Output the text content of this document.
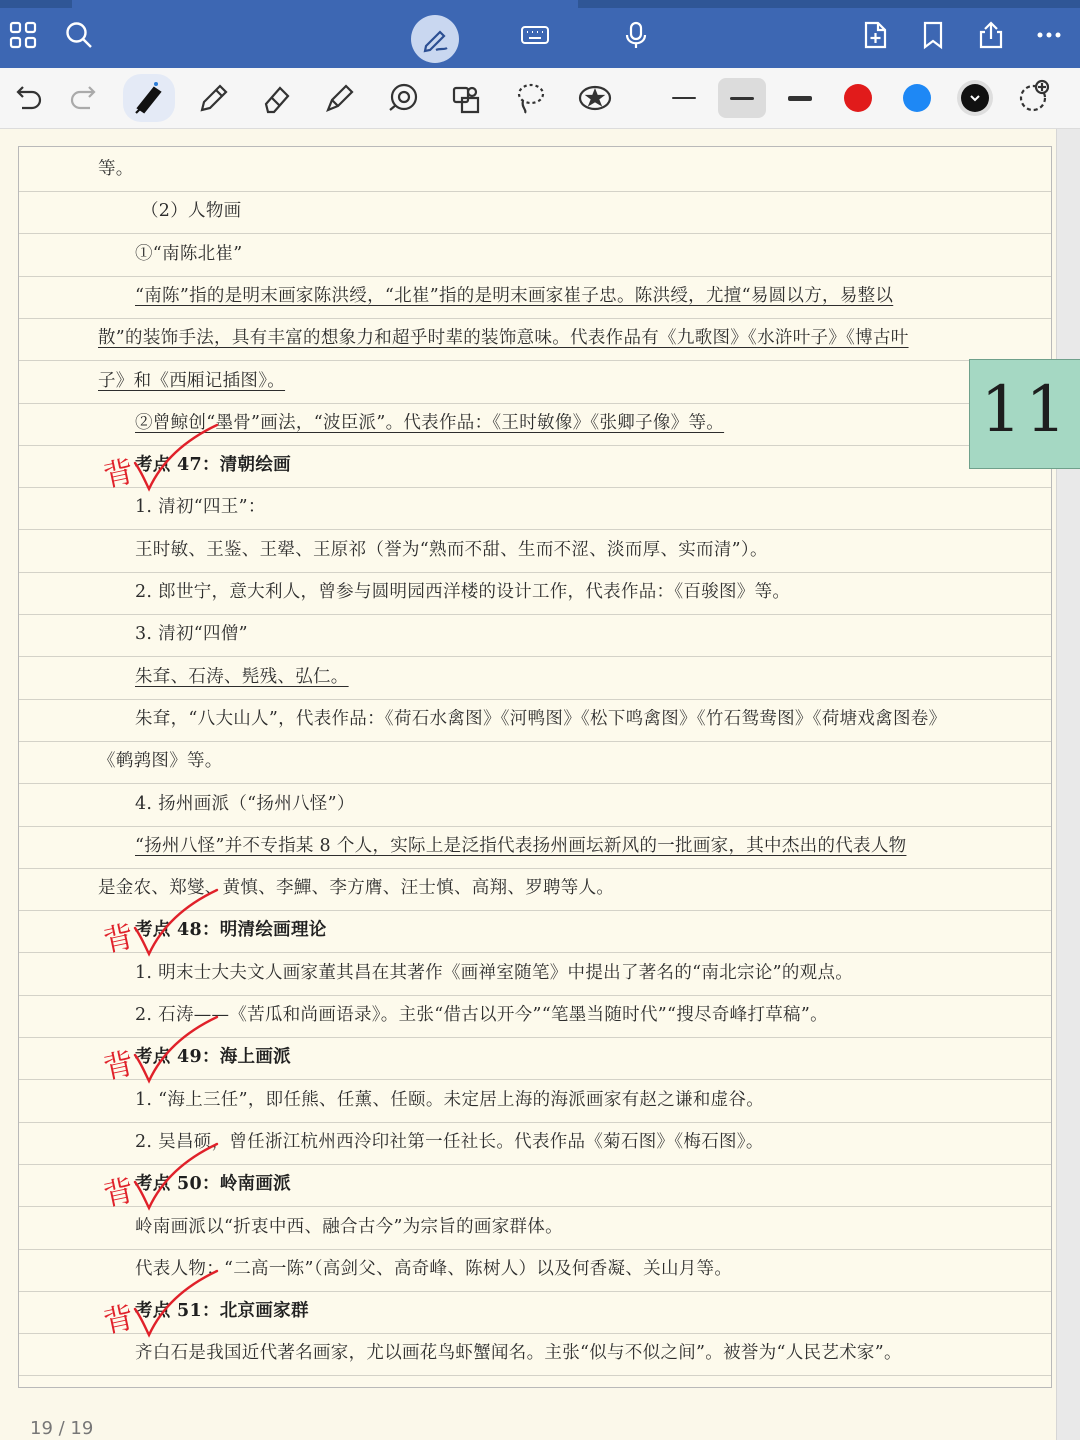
等。
（2）人物画
①“南陈北崔”
“南陈”指的是明末画家陈洪绶，“北崔”指的是明末画家崔子忠。陈洪绶，尤擅“易圆以方，易整以
散”的装饰手法，具有丰富的想象力和超乎时辈的装饰意味。代表作品有《九歌图》《水浒叶子》《博古叶
子》和《西厢记插图》。
②曾鲸创“墨骨”画法，“波臣派”。代表作品：《王时敏像》《张卿子像》等。
考点 47：清朝绘画
背
1. 清初“四王”：
王时敏、王鉴、王翚、王原祁（誉为“熟而不甜、生而不涩、淡而厚、实而清”）。
2. 郎世宁，意大利人，曾参与圆明园西洋楼的设计工作，代表作品：《百骏图》等。
3. 清初“四僧”
朱耷、石涛、髡残、弘仁。
朱耷，“八大山人”，代表作品：《荷石水禽图》《河鸭图》《松下鸣禽图》《竹石鸳鸯图》《荷塘戏禽图卷》
《鹌鹑图》等。
4. 扬州画派（“扬州八怪”）
“扬州八怪”并不专指某 8 个人，实际上是泛指代表扬州画坛新风的一批画家，其中杰出的代表人物
是金农、郑燮、黄慎、李鱓、李方膺、汪士慎、高翔、罗聘等人。
考点 48：明清绘画理论
背
1. 明末士大夫文人画家董其昌在其著作《画禅室随笔》中提出了著名的“南北宗论”的观点。
2. 石涛——《苦瓜和尚画语录》。主张“借古以开今”“笔墨当随时代”“搜尽奇峰打草稿”。
考点 49：海上画派
背
1. “海上三任”，即任熊、任薰、任颐。未定居上海的海派画家有赵之谦和虚谷。
2. 吴昌硕，曾任浙江杭州西泠印社第一任社长。代表作品《菊石图》《梅石图》。
考点 50：岭南画派
背
岭南画派以“折衷中西、融合古今”为宗旨的画家群体。
代表人物：“二高一陈”（高剑父、高奇峰、陈树人）以及何香凝、关山月等。
考点 51：北京画家群
背
齐白石是我国近代著名画家，尤以画花鸟虾蟹闻名。主张“似与不似之间”。被誉为“人民艺术家”。
11
19 / 19
